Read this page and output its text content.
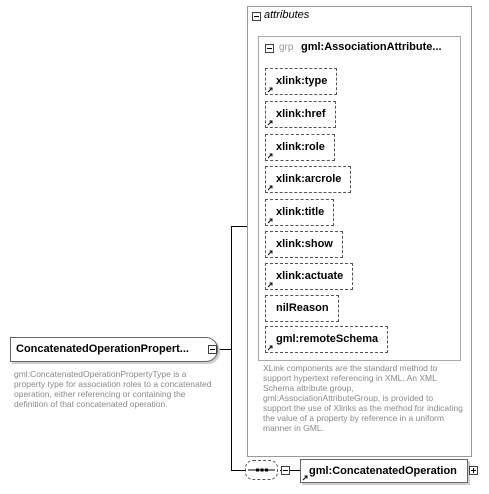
attributes
grp gml:AssociationAttribute...
xlink:type
xlink:href
xlink:role
xlink:arcrole
xlink:title
xlink:show
xlink:actuate
nilReason
gml:remoteSchema
XLink components are the standard method to support hypertext referencing in XML. An XML Schema attribute group, gml:AssociationAttributeGroup, is provided to support the use of Xlinks as the method for indicating the value of a property by reference in a uniform manner in GML.
ConcatenatedOperationPropert...
gml:ConcatenatedOperationPropertyType is a property type for association roles to a concatenated operation, either referencing or containing the definition of that concatenated operation.
gml:ConcatenatedOperation
